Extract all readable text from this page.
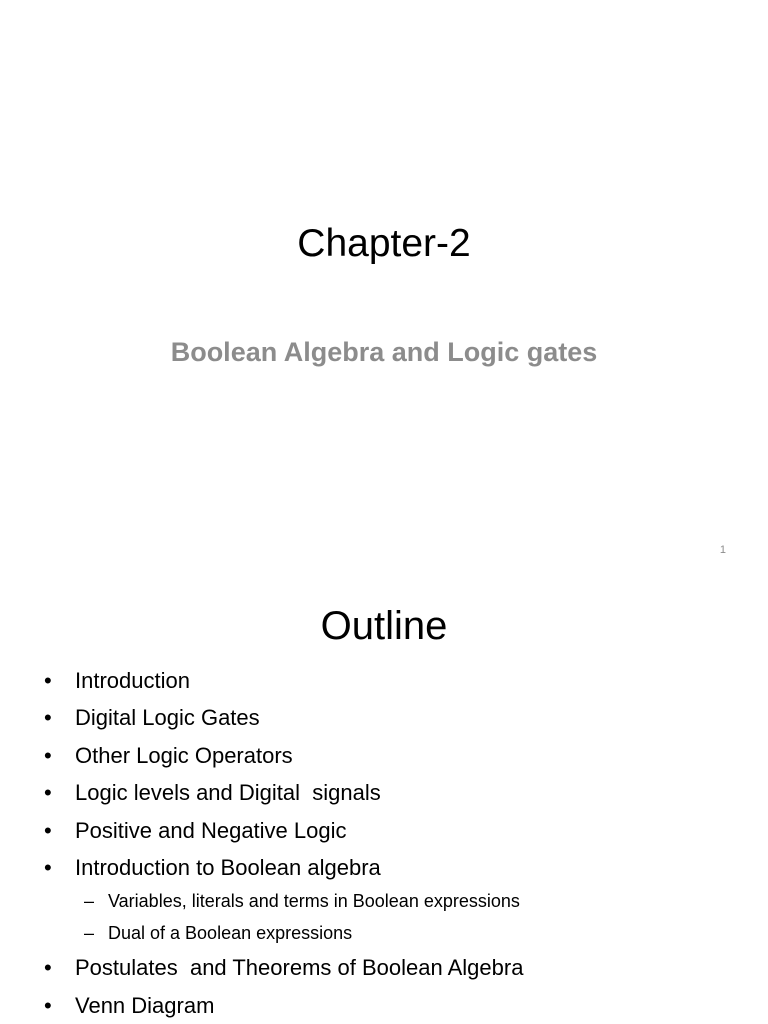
Chapter-2
Boolean Algebra and Logic gates
1
Outline
•	Introduction
•	Digital Logic Gates
•	Other Logic Operators
•	Logic levels and Digital  signals
•	Positive and Negative Logic
•	Introduction to Boolean algebra
– Variables, literals and terms in Boolean expressions
– Dual of a Boolean expressions
•	Postulates  and Theorems of Boolean Algebra
•	Venn Diagram
